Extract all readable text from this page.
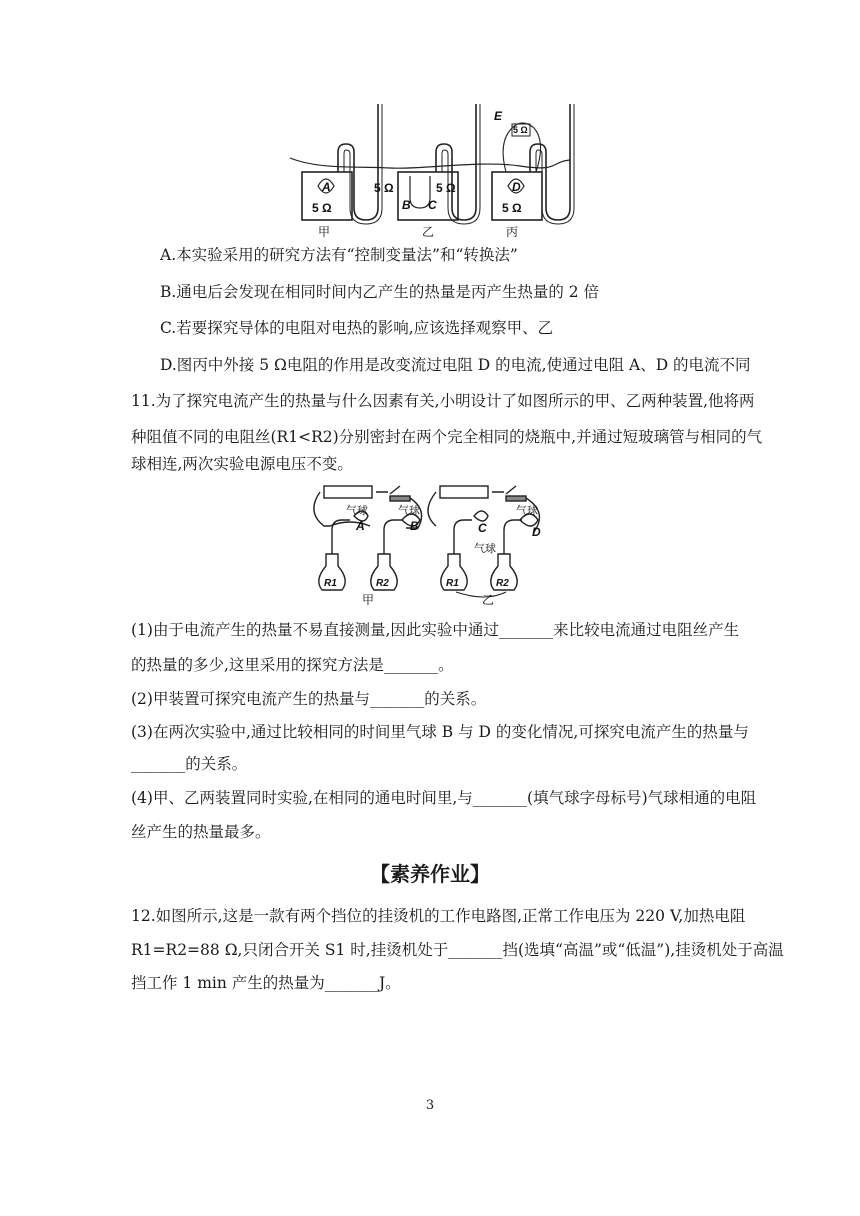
A
B C
D
E
5 Ω
5 Ω	5 Ω
5 Ω
5 Ω
甲	乙	丙
A.本实验采用的研究方法有“控制变量法”和“转换法”
B.通电后会发现在相同时间内乙产生的热量是丙产生热量的 2 倍
C.若要探究导体的电阻对电热的影响,应该选择观察甲、乙
D.图丙中外接 5 Ω电阻的作用是改变流过电阻 D 的电流,使通过电阻 A、D 的电流不同
11.为了探究电流产生的热量与什么因素有关,小明设计了如图所示的甲、乙两种装置,他将两
种阻值不同的电阻丝(R1<R2)分别密封在两个完全相同的烧瓶中,并通过短玻璃管与相同的气
球相连,两次实验电源电压不变。
气球	气球	气球
气球
A	B	C	D
R1	R2	R1	R2
甲	乙
(1)由于电流产生的热量不易直接测量,因此实验中通过_______来比较电流通过电阻丝产生
的热量的多少,这里采用的探究方法是_______。
(2)甲装置可探究电流产生的热量与_______的关系。
(3)在两次实验中,通过比较相同的时间里气球 B 与 D 的变化情况,可探究电流产生的热量与
_______的关系。
(4)甲、乙两装置同时实验,在相同的通电时间里,与_______(填气球字母标号)气球相通的电阻
丝产生的热量最多。
【素养作业】
12.如图所示,这是一款有两个挡位的挂烫机的工作电路图,正常工作电压为 220 V,加热电阻
R1=R2=88 Ω,只闭合开关 S1 时,挂烫机处于_______挡(选填“高温”或“低温”),挂烫机处于高温
挡工作 1 min 产生的热量为_______J。
3
